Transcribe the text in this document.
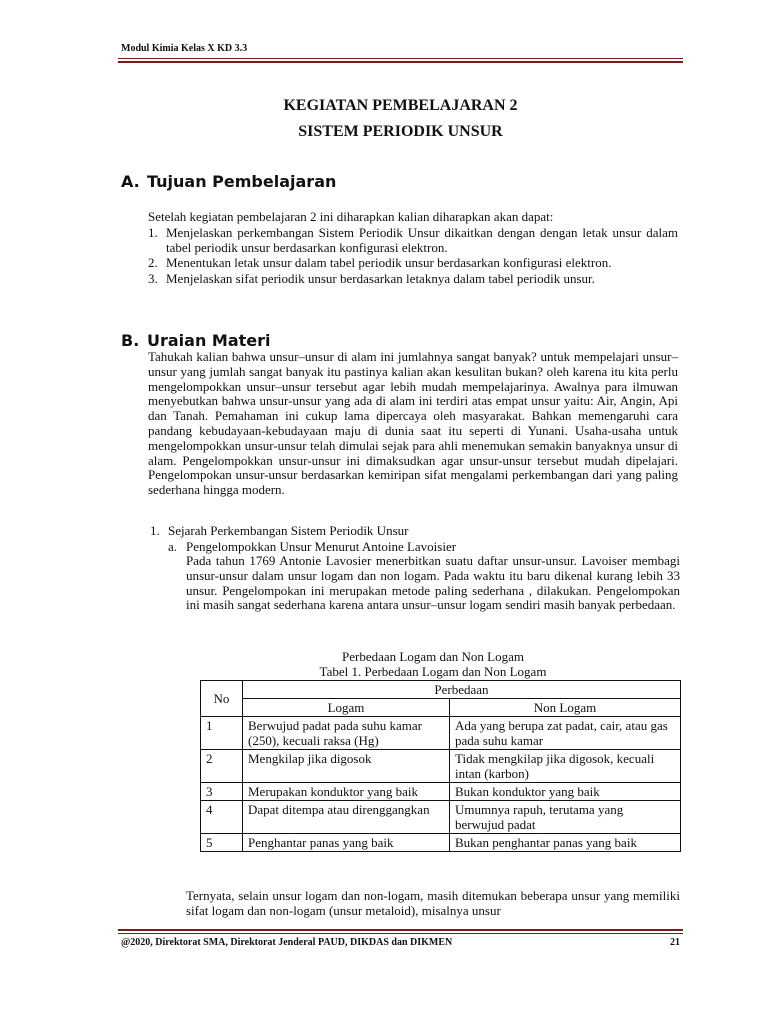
Modul Kimia Kelas X KD 3.3
KEGIATAN PEMBELAJARAN 2
SISTEM PERIODIK UNSUR
A. Tujuan Pembelajaran
Setelah kegiatan pembelajaran 2 ini diharapkan kalian diharapkan akan dapat:
1. Menjelaskan perkembangan Sistem Periodik Unsur dikaitkan dengan dengan letak unsur dalam tabel periodik unsur berdasarkan konfigurasi elektron.
2. Menentukan letak unsur dalam tabel periodik unsur berdasarkan konfigurasi elektron.
3. Menjelaskan sifat periodik unsur berdasarkan letaknya dalam tabel periodik unsur.
B. Uraian Materi
Tahukah kalian bahwa unsur–unsur di alam ini jumlahnya sangat banyak? untuk mempelajari unsur–unsur yang jumlah sangat banyak itu pastinya kalian akan kesulitan bukan? oleh karena itu kita perlu mengelompokkan unsur–unsur tersebut agar lebih mudah mempelajarinya. Awalnya para ilmuwan menyebutkan bahwa unsur-unsur yang ada di alam ini terdiri atas empat unsur yaitu: Air, Angin, Api dan Tanah. Pemahaman ini cukup lama dipercaya oleh masyarakat. Bahkan memengaruhi cara pandang kebudayaan-kebudayaan maju di dunia saat itu seperti di Yunani. Usaha-usaha untuk mengelompokkan unsur-unsur telah dimulai sejak para ahli menemukan semakin banyaknya unsur di alam. Pengelompokkan unsur-unsur ini dimaksudkan agar unsur-unsur tersebut mudah dipelajari. Pengelompokan unsur-unsur berdasarkan kemiripan sifat mengalami perkembangan dari yang paling sederhana hingga modern.
1. Sejarah Perkembangan Sistem Periodik Unsur
a. Pengelompokkan Unsur Menurut Antoine Lavoisier
Pada tahun 1769 Antonie Lavosier menerbitkan suatu daftar unsur-unsur. Lavoiser membagi unsur-unsur dalam unsur logam dan non logam. Pada waktu itu baru dikenal kurang lebih 33 unsur. Pengelompokan ini merupakan metode paling sederhana , dilakukan. Pengelompokan ini masih sangat sederhana karena antara unsur–unsur logam sendiri masih banyak perbedaan.
Perbedaan Logam dan Non Logam
Tabel 1. Perbedaan Logam dan Non Logam
No	Perbedaan	
	Logam	Non Logam
1	Berwujud padat pada suhu kamar (250), kecuali raksa (Hg)	Ada yang berupa zat padat, cair, atau gas pada suhu kamar
2	Mengkilap jika digosok	Tidak mengkilap jika digosok, kecuali intan (karbon)
3	Merupakan konduktor yang baik	Bukan konduktor yang baik
4	Dapat ditempa atau direnggangkan	Umumnya rapuh, terutama yang berwujud padat
5	Penghantar panas yang baik	Bukan penghantar panas yang baik
Ternyata, selain unsur logam dan non-logam, masih ditemukan beberapa unsur yang memiliki sifat logam dan non-logam (unsur metaloid), misalnya unsur
@2020, Direktorat SMA, Direktorat Jenderal PAUD, DIKDAS dan DIKMEN	21
